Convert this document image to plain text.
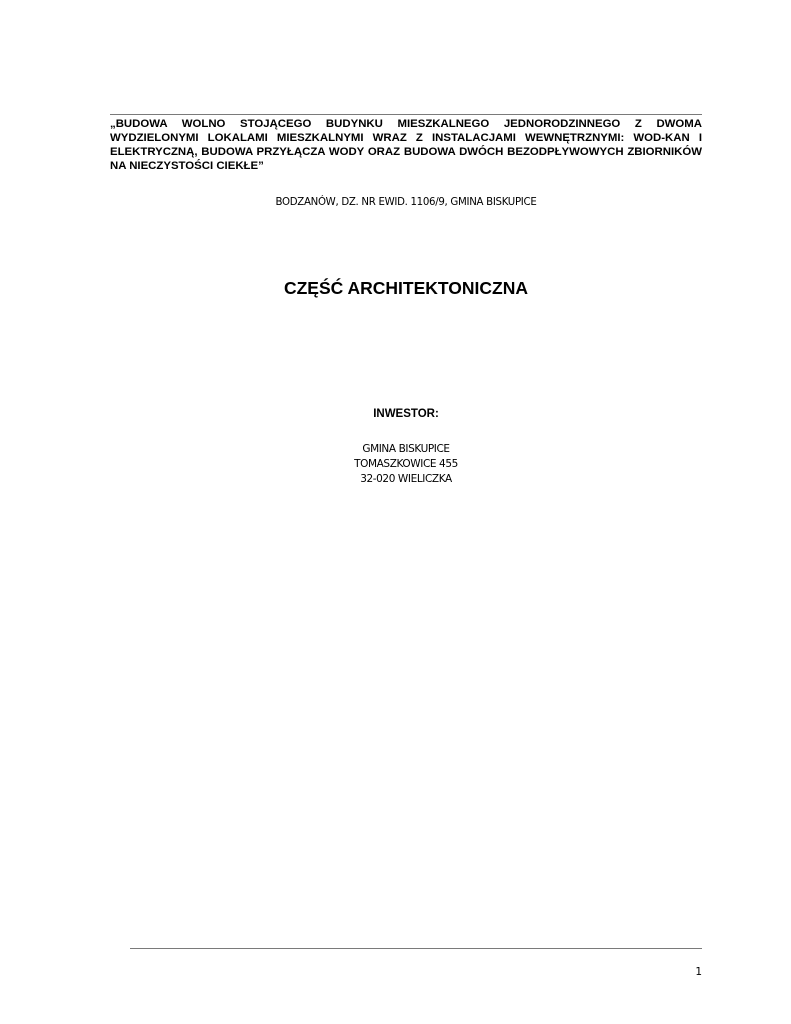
„BUDOWA WOLNO STOJĄCEGO BUDYNKU MIESZKALNEGO JEDNORODZINNEGO Z DWOMA WYDZIELONYMI LOKALAMI MIESZKALNYMI WRAZ Z INSTALACJAMI WEWNĘTRZNYMI: WOD-KAN I ELEKTRYCZNĄ, BUDOWA PRZYŁĄCZA WODY ORAZ BUDOWA DWÓCH BEZODPŁYWOWYCH ZBIORNIKÓW NA NIECZYSTOŚCI CIEKŁE”

BODZANÓW, DZ. NR EWID. 1106/9, GMINA BISKUPICE
CZĘŚĆ ARCHITEKTONICZNA
INWESTOR:
GMINA BISKUPICE
TOMASZKOWICE 455
32-020 WIELICZKA
1
